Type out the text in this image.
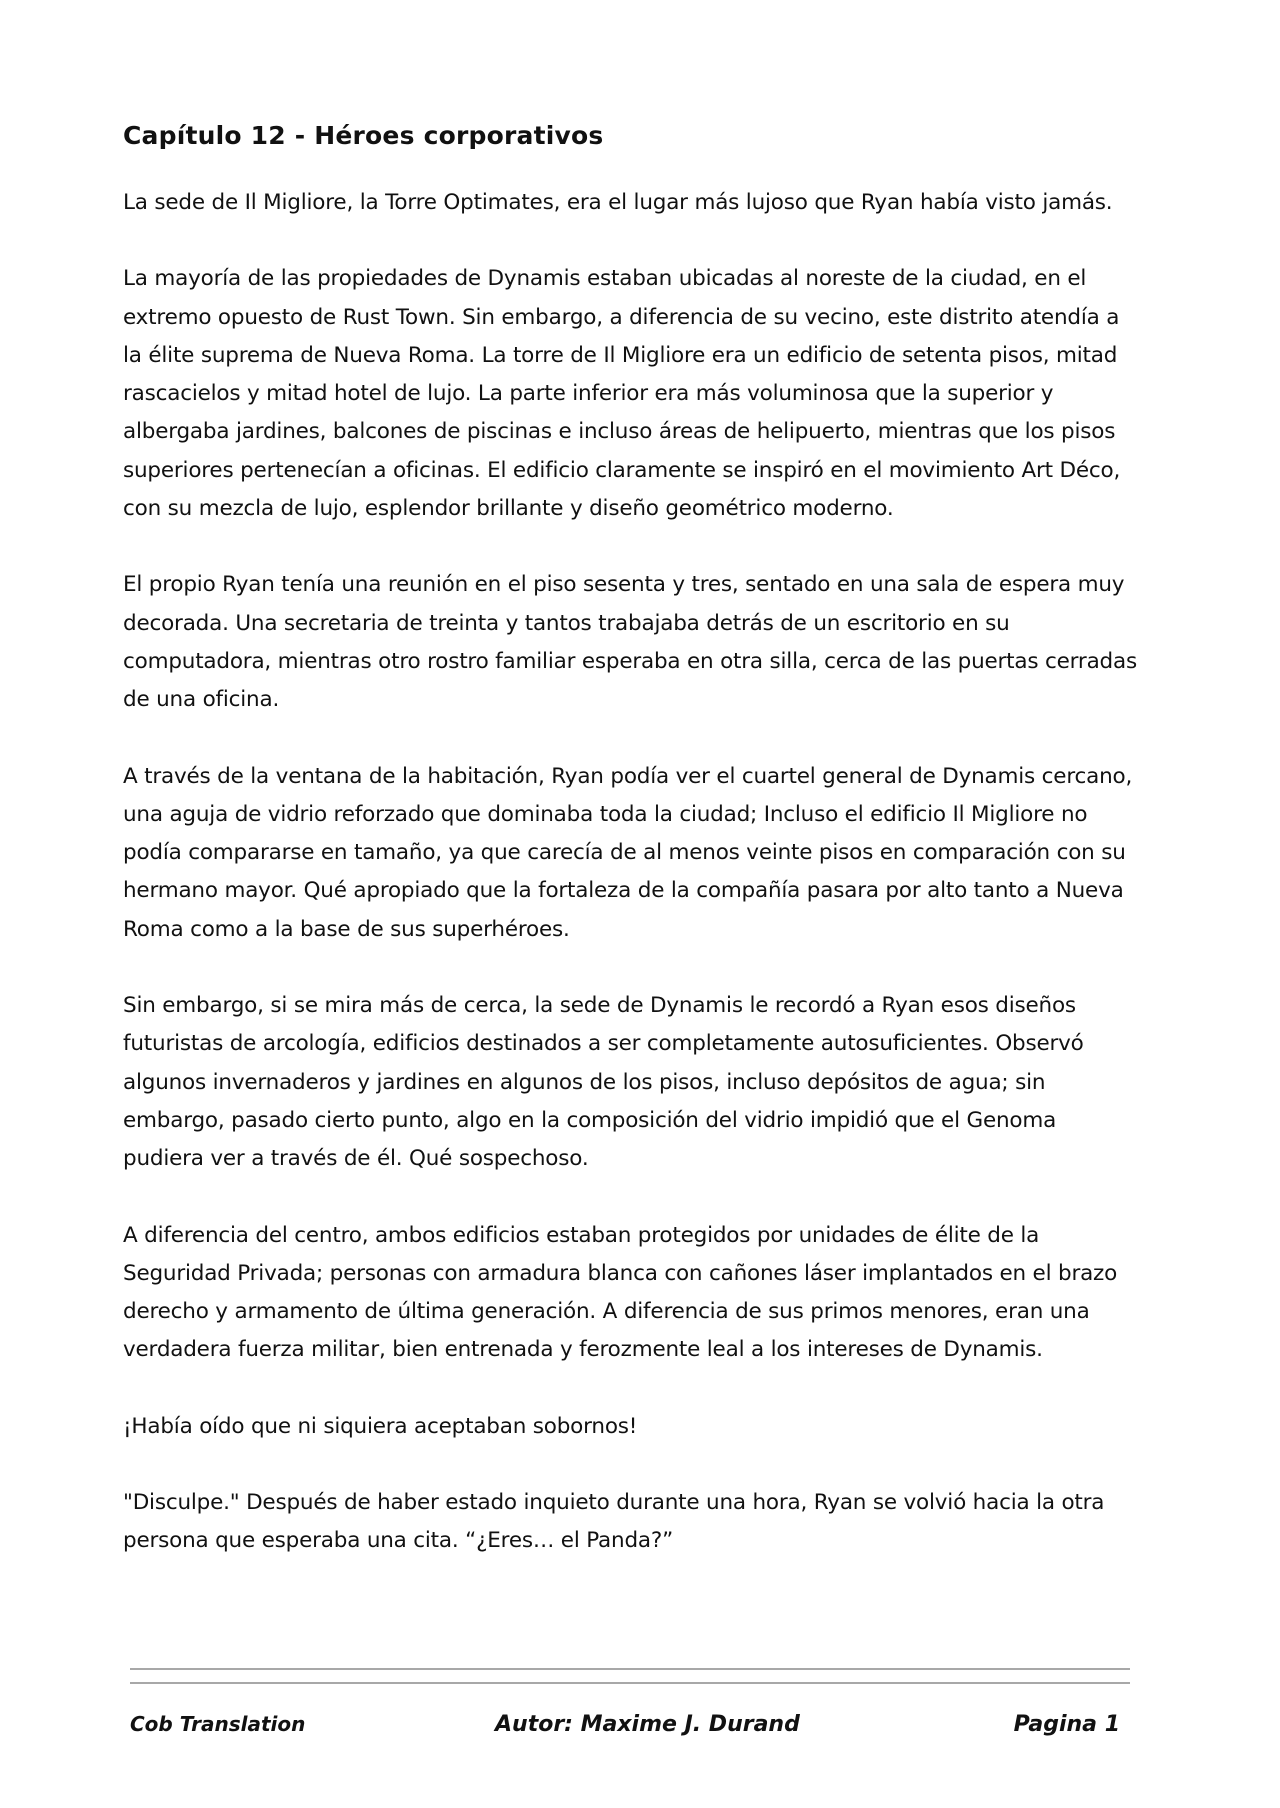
Capítulo 12 - Héroes corporativos

La sede de Il Migliore, la Torre Optimates, era el lugar más lujoso que Ryan había visto jamás.

La mayoría de las propiedades de Dynamis estaban ubicadas al noreste de la ciudad, en el extremo opuesto de Rust Town. Sin embargo, a diferencia de su vecino, este distrito atendía a la élite suprema de Nueva Roma. La torre de Il Migliore era un edificio de setenta pisos, mitad rascacielos y mitad hotel de lujo. La parte inferior era más voluminosa que la superior y albergaba jardines, balcones de piscinas e incluso áreas de helipuerto, mientras que los pisos superiores pertenecían a oficinas. El edificio claramente se inspiró en el movimiento Art Déco, con su mezcla de lujo, esplendor brillante y diseño geométrico moderno.

El propio Ryan tenía una reunión en el piso sesenta y tres, sentado en una sala de espera muy decorada. Una secretaria de treinta y tantos trabajaba detrás de un escritorio en su computadora, mientras otro rostro familiar esperaba en otra silla, cerca de las puertas cerradas de una oficina.

A través de la ventana de la habitación, Ryan podía ver el cuartel general de Dynamis cercano, una aguja de vidrio reforzado que dominaba toda la ciudad; Incluso el edificio Il Migliore no podía compararse en tamaño, ya que carecía de al menos veinte pisos en comparación con su hermano mayor. Qué apropiado que la fortaleza de la compañía pasara por alto tanto a Nueva Roma como a la base de sus superhéroes.

Sin embargo, si se mira más de cerca, la sede de Dynamis le recordó a Ryan esos diseños futuristas de arcología, edificios destinados a ser completamente autosuficientes. Observó algunos invernaderos y jardines en algunos de los pisos, incluso depósitos de agua; sin embargo, pasado cierto punto, algo en la composición del vidrio impidió que el Genoma pudiera ver a través de él. Qué sospechoso.

A diferencia del centro, ambos edificios estaban protegidos por unidades de élite de la Seguridad Privada; personas con armadura blanca con cañones láser implantados en el brazo derecho y armamento de última generación. A diferencia de sus primos menores, eran una verdadera fuerza militar, bien entrenada y ferozmente leal a los intereses de Dynamis.

¡Había oído que ni siquiera aceptaban sobornos!

"Disculpe." Después de haber estado inquieto durante una hora, Ryan se volvió hacia la otra persona que esperaba una cita. “¿Eres… el Panda?”

Cob Translation	Autor: Maxime J. Durand	Pagina 1
